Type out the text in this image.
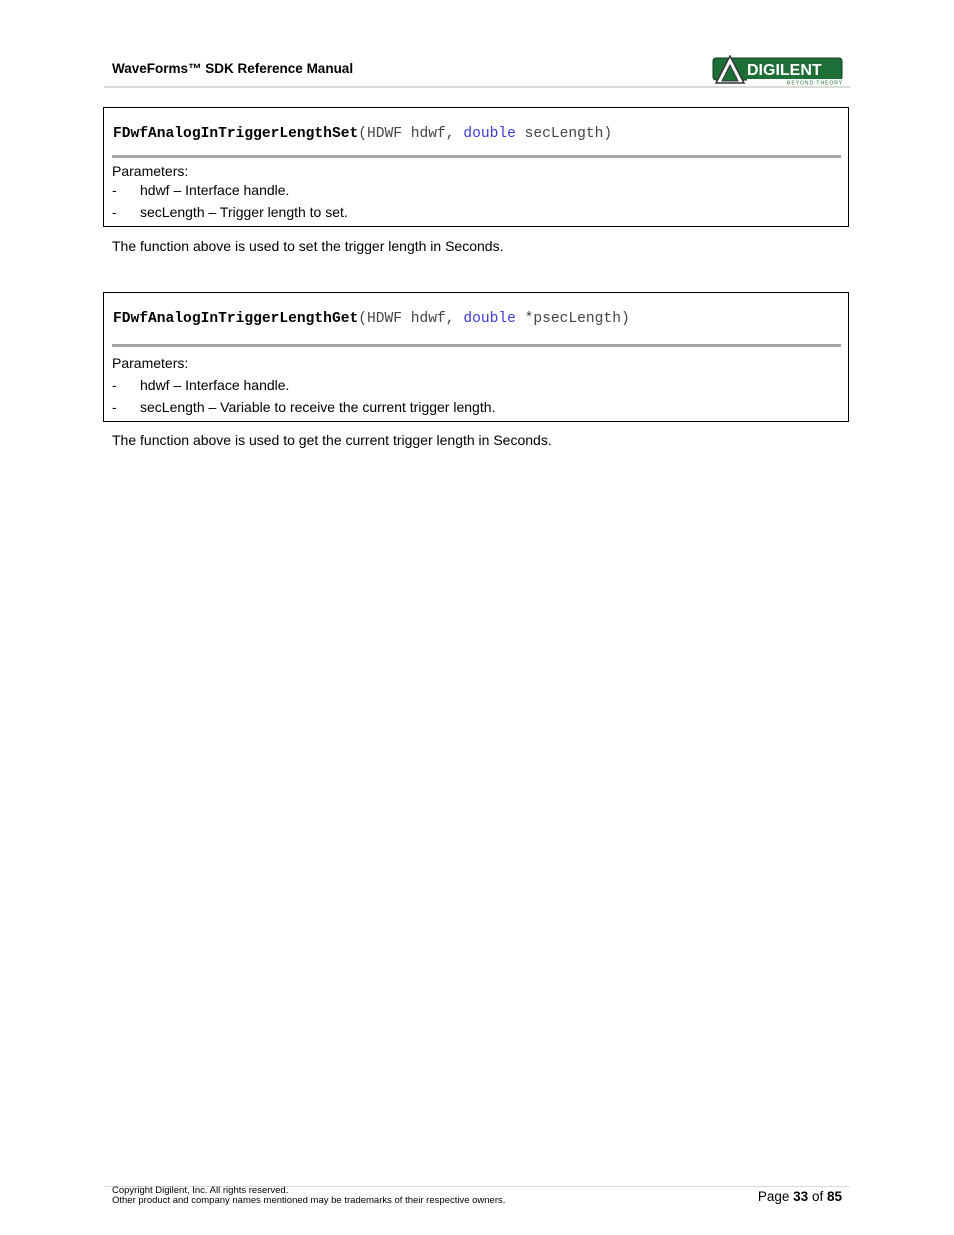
WaveForms™ SDK Reference Manual	DIGILENT
BEYOND THEORY
FDwfAnalogInTriggerLengthSet(HDWF hdwf, double secLength)
Parameters:
- hdwf – Interface handle.
- secLength – Trigger length to set.
The function above is used to set the trigger length in Seconds.
FDwfAnalogInTriggerLengthGet(HDWF hdwf, double *psecLength)
Parameters:
- hdwf – Interface handle.
- secLength – Variable to receive the current trigger length.
The function above is used to get the current trigger length in Seconds.
Copyright Digilent, Inc. All rights reserved.
Other product and company names mentioned may be trademarks of their respective owners.	Page 33 of 85
